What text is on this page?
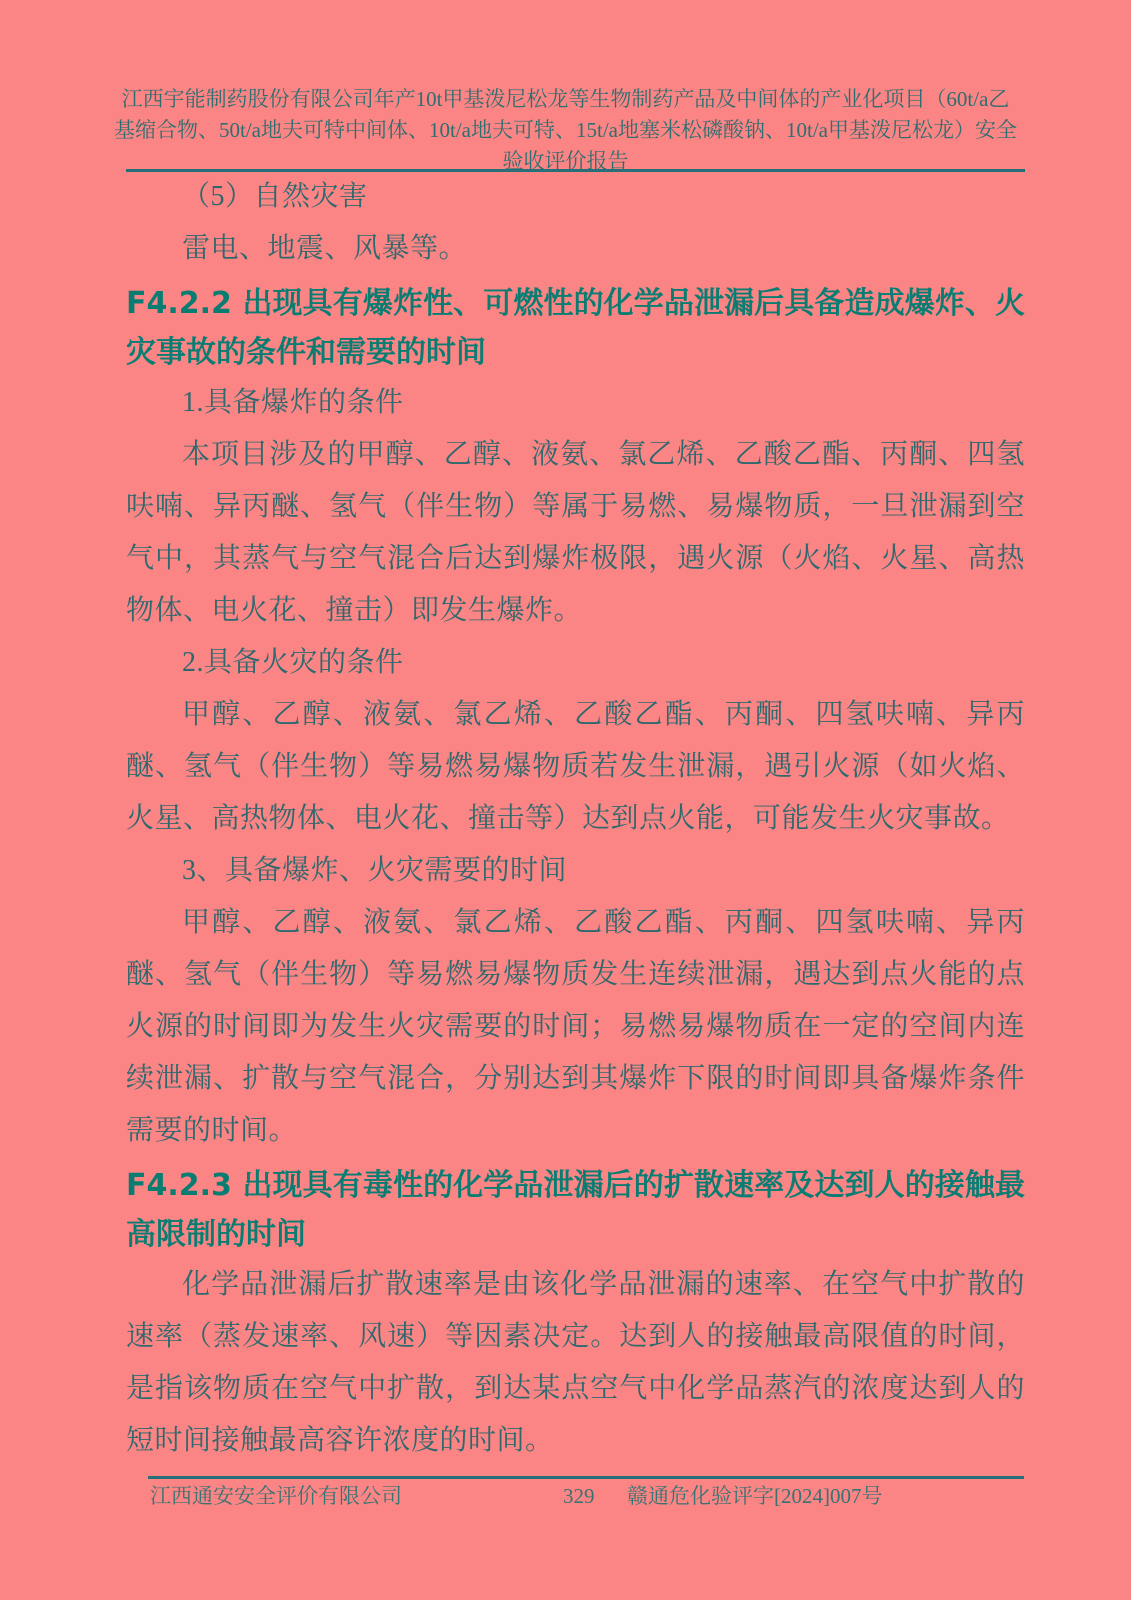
江西宇能制药股份有限公司年产10t甲基泼尼松龙等生物制药产品及中间体的产业化项目（60t/a乙基缩合物、50t/a地夫可特中间体、10t/a地夫可特、15t/a地塞米松磷酸钠、10t/a甲基泼尼松龙）安全验收评价报告

（5）自然灾害

雷电、地震、风暴等。

F4.2.2 出现具有爆炸性、可燃性的化学品泄漏后具备造成爆炸、火灾事故的条件和需要的时间

1.具备爆炸的条件

本项目涉及的甲醇、乙醇、液氨、氯乙烯、乙酸乙酯、丙酮、四氢呋喃、异丙醚、氢气（伴生物）等属于易燃、易爆物质，一旦泄漏到空气中，其蒸气与空气混合后达到爆炸极限，遇火源（火焰、火星、高热物体、电火花、撞击）即发生爆炸。

2.具备火灾的条件

甲醇、乙醇、液氨、氯乙烯、乙酸乙酯、丙酮、四氢呋喃、异丙醚、氢气（伴生物）等易燃易爆物质若发生泄漏，遇引火源（如火焰、火星、高热物体、电火花、撞击等）达到点火能，可能发生火灾事故。

3、具备爆炸、火灾需要的时间

甲醇、乙醇、液氨、氯乙烯、乙酸乙酯、丙酮、四氢呋喃、异丙醚、氢气（伴生物）等易燃易爆物质发生连续泄漏，遇达到点火能的点火源的时间即为发生火灾需要的时间；易燃易爆物质在一定的空间内连续泄漏、扩散与空气混合，分别达到其爆炸下限的时间即具备爆炸条件需要的时间。

F4.2.3 出现具有毒性的化学品泄漏后的扩散速率及达到人的接触最高限制的时间

化学品泄漏后扩散速率是由该化学品泄漏的速率、在空气中扩散的速率（蒸发速率、风速）等因素决定。达到人的接触最高限值的时间，是指该物质在空气中扩散，到达某点空气中化学品蒸汽的浓度达到人的短时间接触最高容许浓度的时间。

江西通安安全评价有限公司	329 赣通危化验评字[2024]007号
